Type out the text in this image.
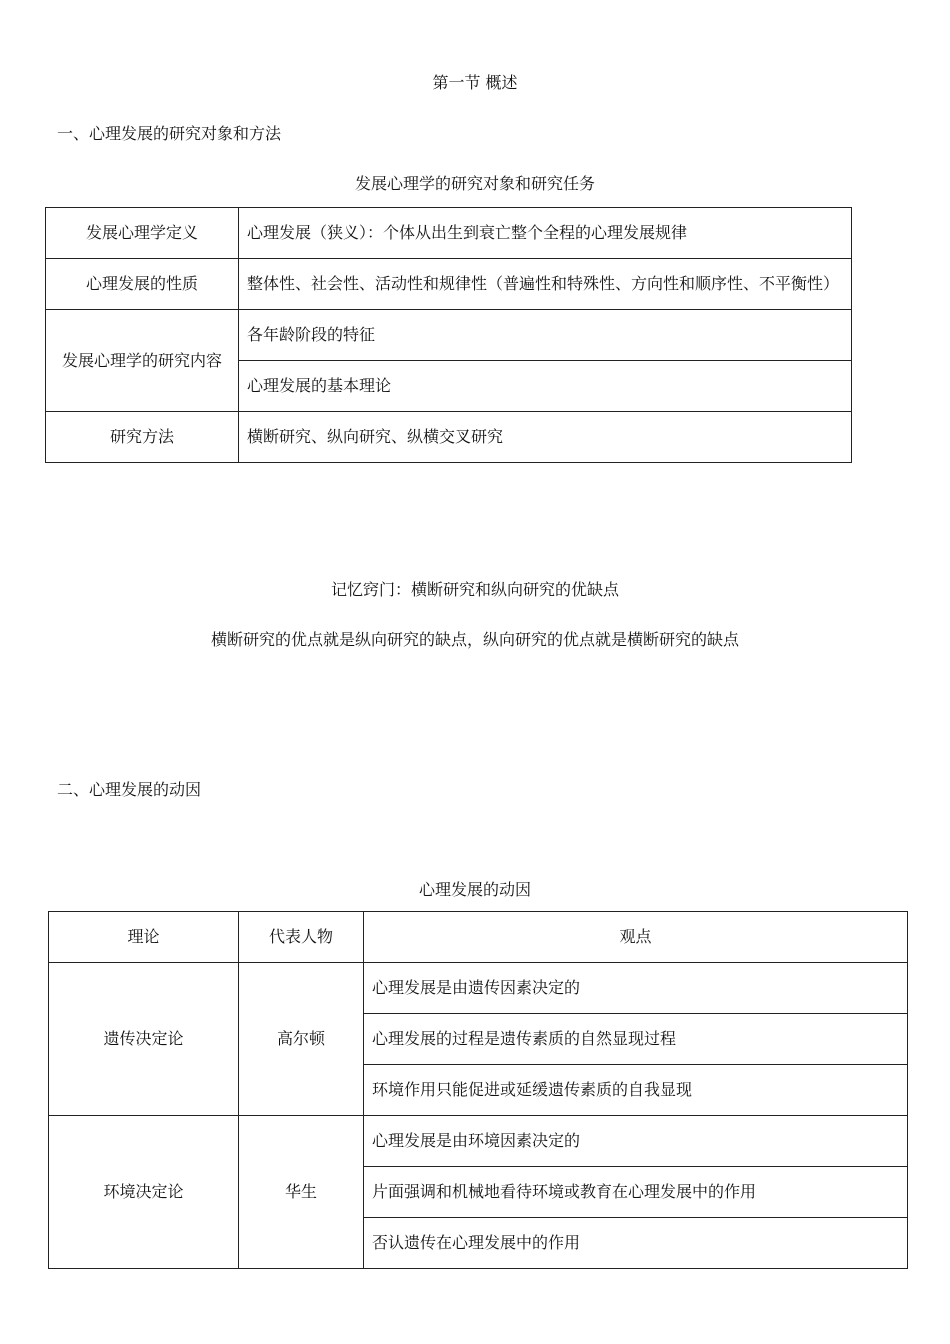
第一节 概述
一、心理发展的研究对象和方法
发展心理学的研究对象和研究任务
发展心理学定义	心理发展（狭义）：个体从出生到衰亡整个全程的心理发展规律
心理发展的性质	整体性、社会性、活动性和规律性（普遍性和特殊性、方向性和顺序性、不平衡性）
发展心理学的研究内容	各年龄阶段的特征
	心理发展的基本理论
研究方法	横断研究、纵向研究、纵横交叉研究
记忆窍门：横断研究和纵向研究的优缺点
横断研究的优点就是纵向研究的缺点，纵向研究的优点就是横断研究的缺点
二、心理发展的动因
心理发展的动因
理论	代表人物	观点
遗传决定论	高尔顿	心理发展是由遗传因素决定的
		心理发展的过程是遗传素质的自然显现过程
		环境作用只能促进或延缓遗传素质的自我显现
环境决定论	华生	心理发展是由环境因素决定的
		片面强调和机械地看待环境或教育在心理发展中的作用
		否认遗传在心理发展中的作用
